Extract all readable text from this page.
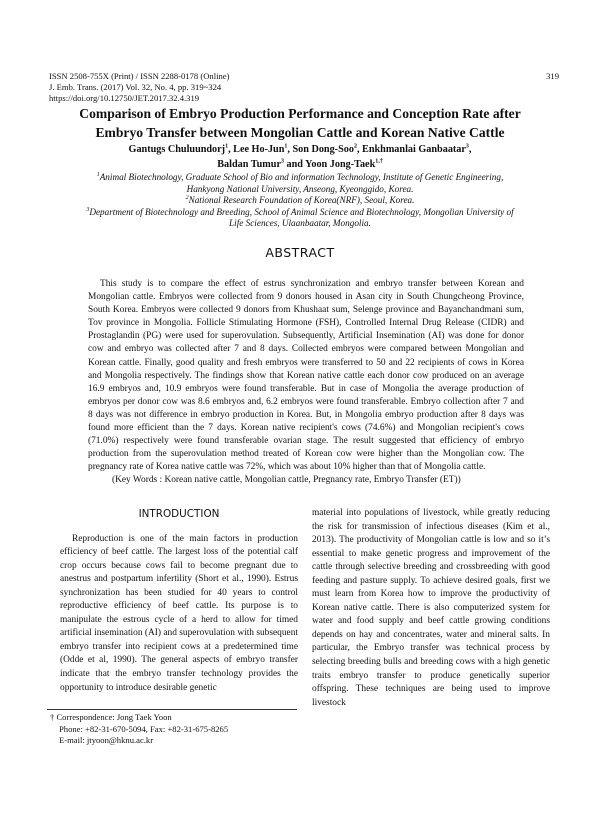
ISSN 2508-755X (Print) / ISSN 2288-0178 (Online)
J. Emb. Trans. (2017) Vol. 32, No. 4, pp. 319~324
https://doi.org/10.12750/JET.2017.32.4.319
319
Comparison of Embryo Production Performance and Conception Rate after
Embryo Transfer between Mongolian Cattle and Korean Native Cattle
Gantugs Chuluundorj$^1$, Lee Ho-Jun$^1$, Son Dong-Soo$^2$, Enkhmanlai Ganbaatar$^3$,
Baldan Tumur$^3$ and Yoon Jong-Taek$^{1,\dagger}$
$^1$Animal Biotechnology, Graduate School of Bio and information Technology, Institute of Genetic Engineering,
Hankyong National University, Anseong, Kyeonggido, Korea.
$^2$National Research Foundation of Korea(NRF), Seoul, Korea.
$^3$Department of Biotechnology and Breeding, School of Animal Science and Biotechnology, Mongolian University of
Life Sciences, Ulaanbaatar, Mongolia.
ABSTRACT

This study is to compare the effect of estrus synchronization and embryo transfer between Korean and Mongolian cattle. Embryos were collected from 9 donors housed in Asan city in South Chungcheong Province, South Korea. Embryos were collected 9 donors from Khushaat sum, Selenge province and Bayanchandmani sum, Tov province in Mongolia. Follicle Stimulating Hormone (FSH), Controlled Internal Drug Release (CIDR) and Prostaglandin (PG) were used for superovulation. Subsequently, Artificial Insemination (AI) was done for donor cow and embryo was collected after 7 and 8 days. Collected embryos were compared between Mongolian and Korean cattle. Finally, good quality and fresh embryos were transferred to 50 and 22 recipients of cows in Korea and Mongolia respectively. The findings show that Korean native cattle each donor cow produced on an average 16.9 embryos and, 10.9 embryos were found transferable. But in case of Mongolia the average production of embryos per donor cow was 8.6 embryos and, 6.2 embryos were found transferable. Embryo collection after 7 and 8 days was not difference in embryo production in Korea. But, in Mongolia embryo production after 8 days was found more efficient than the 7 days. Korean native recipient's cows (74.6%) and Mongolian recipient's cows (71.0%) respectively were found transferable ovarian stage. The result suggested that efficiency of embryo production from the superovulation method treated of Korean cow were higher than the Mongolian cow. The pregnancy rate of Korea native cattle was 72%, which was about 10% higher than that of Mongolia cattle.

(Key Words : Korean native cattle, Mongolian cattle, Pregnancy rate, Embryo Transfer (ET))

INTRODUCTION

Reproduction is one of the main factors in production efficiency of beef cattle. The largest loss of the potential calf crop occurs because cows fail to become pregnant due to anestrus and postpartum infertility (Short et al., 1990). Estrus synchronization has been studied for 40 years to control reproductive efficiency of beef cattle. Its purpose is to manipulate the estrous cycle of a herd to allow for timed artificial insemination (AI) and superovulation with subsequent embryo transfer into recipient cows at a predetermined time (Odde et al, 1990). The general aspects of embryo transfer indicate that the embryo transfer technology provides the opportunity to introduce desirable genetic

material into populations of livestock, while greatly reducing the risk for transmission of infectious diseases (Kim et al., 2013). The productivity of Mongolian cattle is low and so it’s essential to make genetic progress and improvement of the cattle through selective breeding and crossbreeding with good feeding and pasture supply. To achieve desired goals, first we must learn from Korea how to improve the productivity of Korean native cattle. There is also computerized system for water and food supply and beef cattle growing conditions depends on hay and concentrates, water and mineral salts. In particular, the Embryo transfer was technical process by selecting breeding bulls and breeding cows with a high genetic traits embryo transfer to produce genetically superior offspring. These techniques are being used to improve livestock

† Correspondence: Jong Taek Yoon
Phone: +82-31-670-5094, Fax: +82-31-675-8265
E-mail: jtyoon@hknu.ac.kr
